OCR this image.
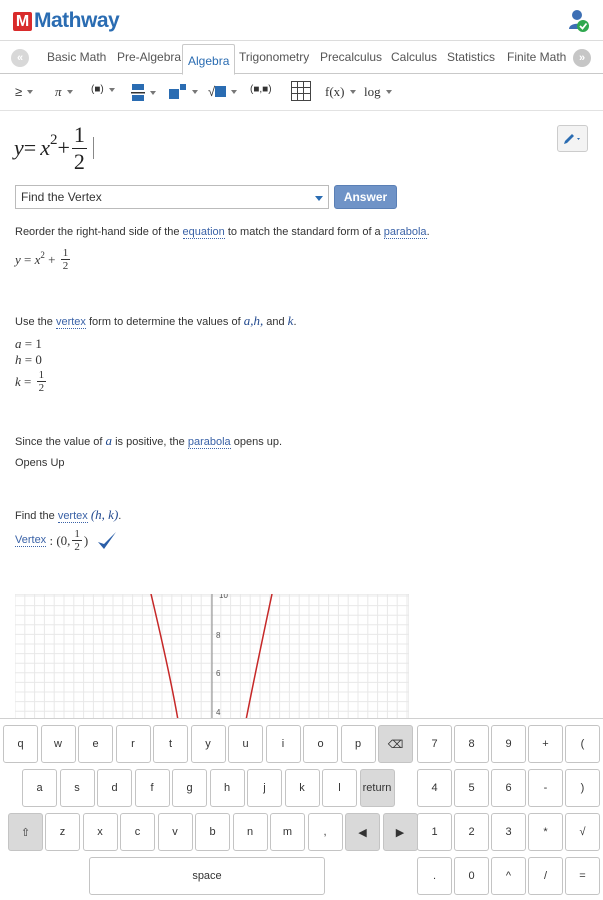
M Mathway
«	Basic Math Pre-Algebra Algebra Trigonometry Precalculus Calculus Statistics Finite Math	»
≥	π	(■)	√	(■,■)	f(x) log
$y = x^2 + \frac{1}{2}$
Find the Vertex	Answer
Reorder the right-hand side of the equation to match the standard form of a parabola.
$y = x^2 + \frac{1}{2}$
Use the vertex form to determine the values of a,h, and k.
a = 1
h = 0
$k = \frac{1}{2}$
Since the value of a is positive, the parabola opens up.
Opens Up
Find the vertex (h, k).
Vertex : (0, $\frac{1}{2}$ )
10
8
6
4
q	w	e	r	t	y	u	i	o	p	⌫
a	s	d	f	g	h	j	k	l	return
⇧	z	x	c	v	b	n	m	,	◀	▶
space
7	8	9	+	(
4	5	6	-	)
1	2	3	*	√
.	0	^	/	=
